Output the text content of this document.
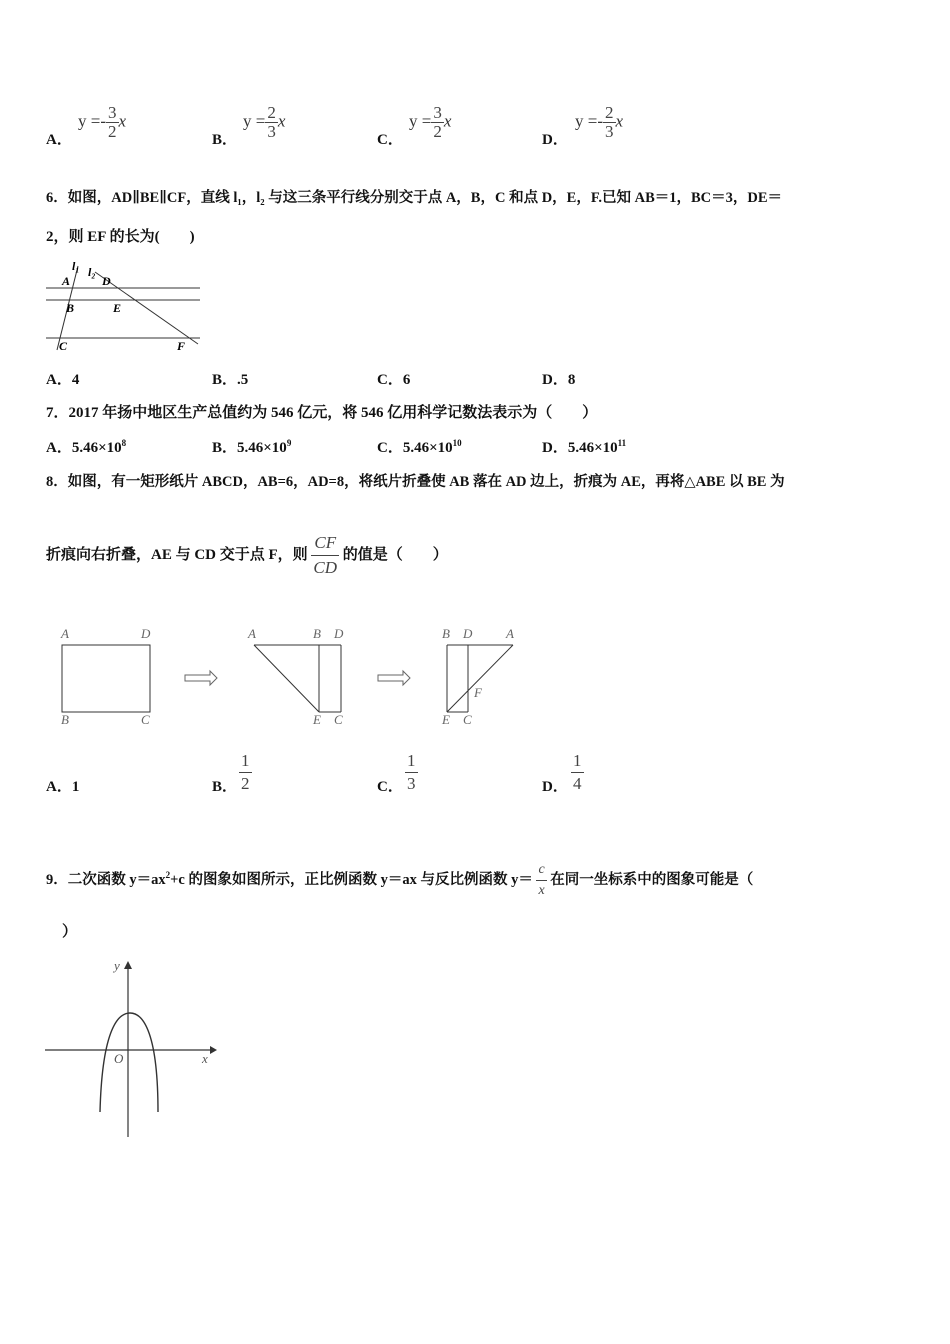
A．
$y =- \frac{3}{2}$ x
B．
$y = \frac{2}{3}$ x
C．
$y = \frac{3}{2}$ x
D．
$y =- \frac{2}{3}$ x
6．如图，AD∥BE∥CF，直线 l₁，l₂ 与这三条平行线分别交于点 A，B，C 和点 D，E，F.已知 AB＝1，BC＝3，DE＝
2，则 EF 的长为(　　)
l₁ l₂
A	D
B	E
C	F
A．4	B．.5	C．6	D．8
7．2017 年扬中地区生产总值约为 546 亿元，将 546 亿用科学记数法表示为（　　）
A．$5.46\times 10^8$	B．$5.46\times 10^9$	C．$5.46\times 10^{10}$	D．$5.46\times 10^{11}$
8．如图，有一矩形纸片 ABCD，AB=6，AD=8，将纸片折叠使 AB 落在 AD 边上，折痕为 AE，再将△ABE 以 BE 为
折痕向右折叠，AE 与 CD 交于点 F，则 $\frac{CF}{CD}$ 的值是（　　）
A	D
B	C
A	B D
E C
B D	A
F
E C
A．1	B． $\frac{1}{2}$	C． $\frac{1}{3}$	D． $\frac{1}{4}$
9．二次函数 $y=ax^2+c$ 的图象如图所示，正比例函数 y＝ax 与反比例函数 $y= \frac{c}{x}$ 在同一坐标系中的图象可能是（
）
y
x
O
